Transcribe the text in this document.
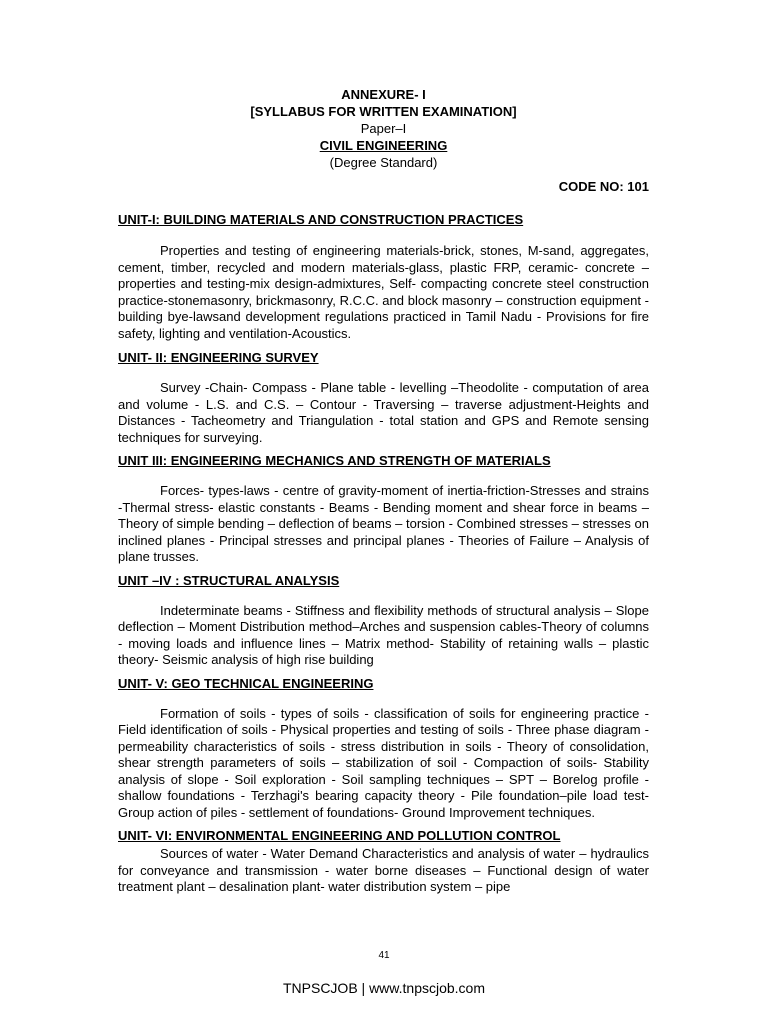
ANNEXURE- I
[SYLLABUS FOR WRITTEN EXAMINATION]
Paper–I
CIVIL ENGINEERING
(Degree Standard)
CODE NO: 101
UNIT-I: BUILDING MATERIALS AND CONSTRUCTION PRACTICES

Properties and testing of engineering materials-brick, stones, M-sand, aggregates, cement, timber, recycled and modern materials-glass, plastic FRP, ceramic- concrete – properties and testing-mix design-admixtures, Self- compacting concrete steel construction practice-stonemasonry, brickmasonry, R.C.C. and block masonry – construction equipment - building bye-lawsand development regulations practiced in Tamil Nadu - Provisions for fire safety, lighting and ventilation-Acoustics.

UNIT- II: ENGINEERING SURVEY

Survey -Chain- Compass - Plane table - levelling –Theodolite - computation of area and volume - L.S. and C.S. – Contour - Traversing – traverse adjustment-Heights and Distances - Tacheometry and Triangulation - total station and GPS and Remote sensing techniques for surveying.

UNIT III: ENGINEERING MECHANICS AND STRENGTH OF MATERIALS

Forces- types-laws - centre of gravity-moment of inertia-friction-Stresses and strains -Thermal stress- elastic constants - Beams - Bending moment and shear force in beams – Theory of simple bending – deflection of beams – torsion - Combined stresses – stresses on inclined planes - Principal stresses and principal planes - Theories of Failure – Analysis of plane trusses.

UNIT –IV : STRUCTURAL ANALYSIS

Indeterminate beams - Stiffness and flexibility methods of structural analysis – Slope deflection – Moment Distribution method–Arches and suspension cables-Theory of columns - moving loads and influence lines – Matrix method- Stability of retaining walls – plastic theory- Seismic analysis of high rise building

UNIT- V: GEO TECHNICAL ENGINEERING

Formation of soils - types of soils - classification of soils for engineering practice - Field identification of soils - Physical properties and testing of soils - Three phase diagram - permeability characteristics of soils - stress distribution in soils - Theory of consolidation, shear strength parameters of soils – stabilization of soil - Compaction of soils- Stability analysis of slope - Soil exploration - Soil sampling techniques – SPT – Borelog profile - shallow foundations - Terzhagi's bearing capacity theory - Pile foundation–pile load test- Group action of piles - settlement of foundations- Ground Improvement techniques.

UNIT- VI: ENVIRONMENTAL ENGINEERING AND POLLUTION CONTROL

Sources of water - Water Demand Characteristics and analysis of water – hydraulics for conveyance and transmission - water borne diseases – Functional design of water treatment plant – desalination plant- water distribution system – pipe

41
TNPSCJOB | www.tnpscjob.com
